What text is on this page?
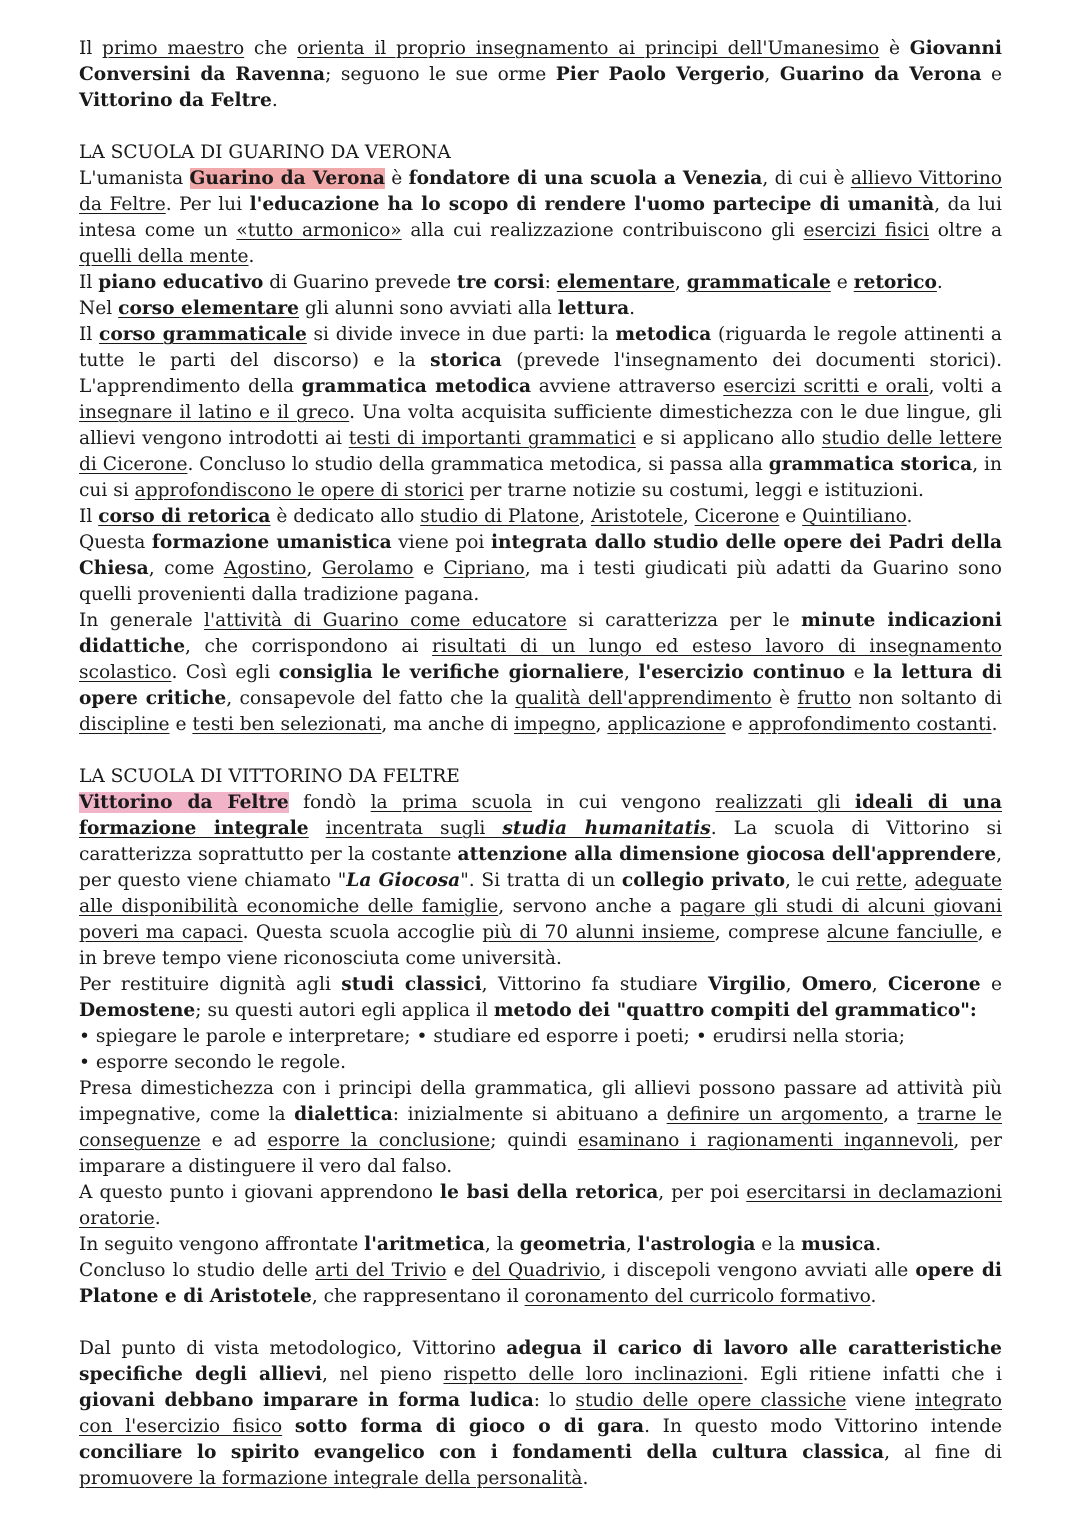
Il primo maestro che orienta il proprio insegnamento ai principi dell'Umanesimo è Giovanni Conversini da Ravenna; seguono le sue orme Pier Paolo Vergerio, Guarino da Verona e Vittorino da Feltre.

LA SCUOLA DI GUARINO DA VERONA

L'umanista Guarino da Verona è fondatore di una scuola a Venezia, di cui è allievo Vittorino da Feltre. Per lui l'educazione ha lo scopo di rendere l'uomo partecipe di umanità, da lui intesa come un «tutto armonico» alla cui realizzazione contribuiscono gli esercizi fisici oltre a quelli della mente.

Il piano educativo di Guarino prevede tre corsi: elementare, grammaticale e retorico.

Nel corso elementare gli alunni sono avviati alla lettura.

Il corso grammaticale si divide invece in due parti: la metodica (riguarda le regole attinenti a tutte le parti del discorso) e la storica (prevede l'insegnamento dei documenti storici). L'apprendimento della grammatica metodica avviene attraverso esercizi scritti e orali, volti a insegnare il latino e il greco. Una volta acquisita sufficiente dimestichezza con le due lingue, gli allievi vengono introdotti ai testi di importanti grammatici e si applicano allo studio delle lettere di Cicerone. Concluso lo studio della grammatica metodica, si passa alla grammatica storica, in cui si approfondiscono le opere di storici per trarne notizie su costumi, leggi e istituzioni.

Il corso di retorica è dedicato allo studio di Platone, Aristotele, Cicerone e Quintiliano.

Questa formazione umanistica viene poi integrata dallo studio delle opere dei Padri della Chiesa, come Agostino, Gerolamo e Cipriano, ma i testi giudicati più adatti da Guarino sono quelli provenienti dalla tradizione pagana.

In generale l'attività di Guarino come educatore si caratterizza per le minute indicazioni didattiche, che corrispondono ai risultati di un lungo ed esteso lavoro di insegnamento scolastico. Così egli consiglia le verifiche giornaliere, l'esercizio continuo e la lettura di opere critiche, consapevole del fatto che la qualità dell'apprendimento è frutto non soltanto di discipline e testi ben selezionati, ma anche di impegno, applicazione e approfondimento costanti.

LA SCUOLA DI VITTORINO DA FELTRE

Vittorino da Feltre fondò la prima scuola in cui vengono realizzati gli ideali di una formazione integrale incentrata sugli studia humanitatis. La scuola di Vittorino si caratterizza soprattutto per la costante attenzione alla dimensione giocosa dell'apprendere, per questo viene chiamato "La Giocosa". Si tratta di un collegio privato, le cui rette, adeguate alle disponibilità economiche delle famiglie, servono anche a pagare gli studi di alcuni giovani poveri ma capaci. Questa scuola accoglie più di 70 alunni insieme, comprese alcune fanciulle, e in breve tempo viene riconosciuta come università.

Per restituire dignità agli studi classici, Vittorino fa studiare Virgilio, Omero, Cicerone e Demostene; su questi autori egli applica il metodo dei "quattro compiti del grammatico":

• spiegare le parole e interpretare; • studiare ed esporre i poeti; • erudirsi nella storia;
• esporre secondo le regole.

Presa dimestichezza con i principi della grammatica, gli allievi possono passare ad attività più impegnative, come la dialettica: inizialmente si abituano a definire un argomento, a trarne le conseguenze e ad esporre la conclusione; quindi esaminano i ragionamenti ingannevoli, per imparare a distinguere il vero dal falso.

A questo punto i giovani apprendono le basi della retorica, per poi esercitarsi in declamazioni oratorie.

In seguito vengono affrontate l'aritmetica, la geometria, l'astrologia e la musica.

Concluso lo studio delle arti del Trivio e del Quadrivio, i discepoli vengono avviati alle opere di Platone e di Aristotele, che rappresentano il coronamento del curricolo formativo.

Dal punto di vista metodologico, Vittorino adegua il carico di lavoro alle caratteristiche specifiche degli allievi, nel pieno rispetto delle loro inclinazioni. Egli ritiene infatti che i giovani debbano imparare in forma ludica: lo studio delle opere classiche viene integrato con l'esercizio fisico sotto forma di gioco o di gara. In questo modo Vittorino intende conciliare lo spirito evangelico con i fondamenti della cultura classica, al fine di promuovere la formazione integrale della personalità.
